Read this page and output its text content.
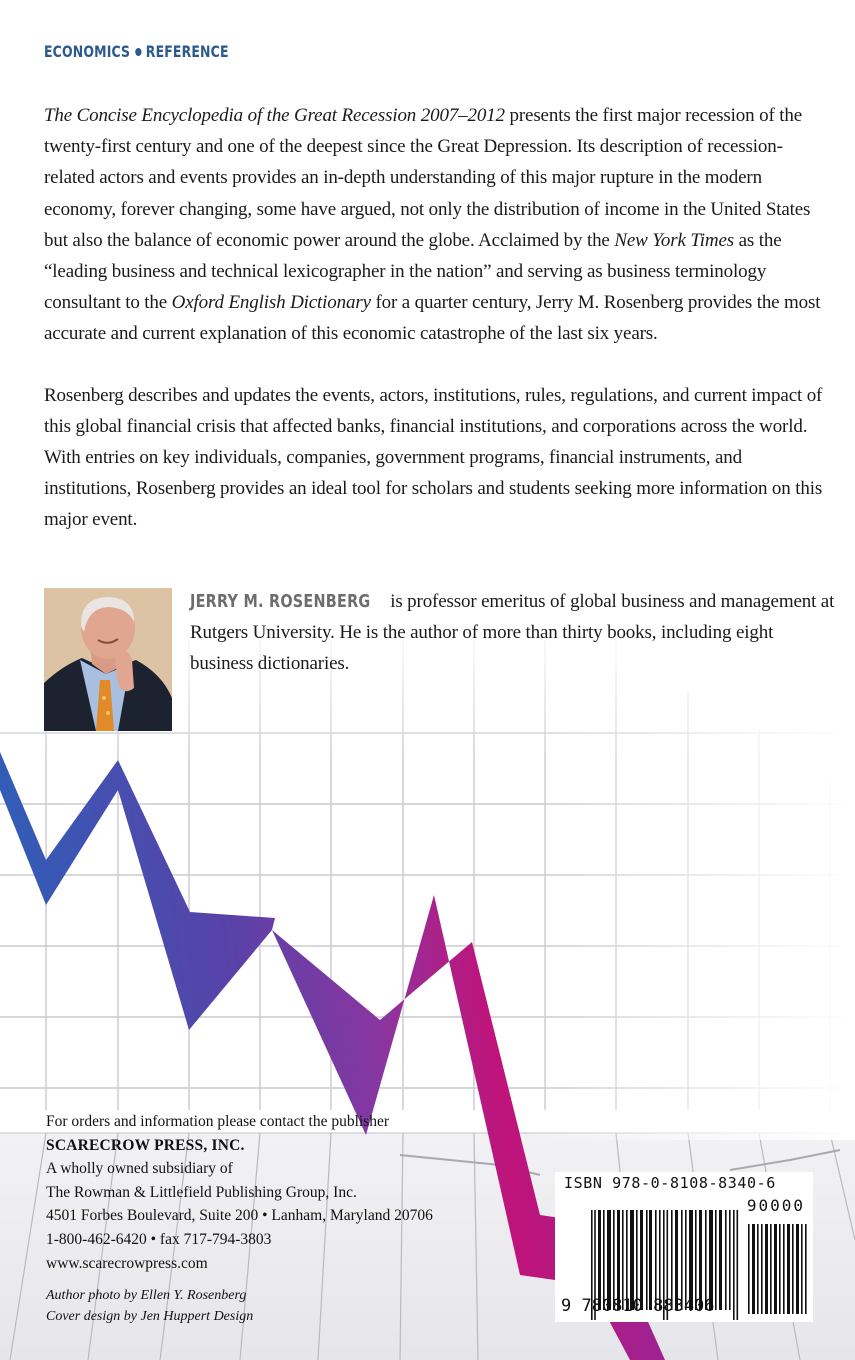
ECONOMICS REFERENCE

The Concise Encyclopedia of the Great Recession 2007–2012 presents the first major recession of the twenty-first century and one of the deepest since the Great Depression. Its description of recession-related actors and events provides an in-depth understanding of this major rupture in the modern economy, forever changing, some have argued, not only the distribution of income in the United States but also the balance of economic power around the globe. Acclaimed by the New York Times as the “leading business and technical lexicographer in the nation” and serving as business terminology consultant to the Oxford English Dictionary for a quarter century, Jerry M. Rosenberg provides the most accurate and current explanation of this economic catastrophe of the last six years.

Rosenberg describes and updates the events, actors, institutions, rules, regulations, and current impact of this global financial crisis that affected banks, financial institutions, and corporations across the world. With entries on key individuals, companies, government programs, financial instruments, and institutions, Rosenberg provides an ideal tool for scholars and students seeking more information on this major event.

JERRY M. ROSENBERG is professor emeritus of global business and management at Rutgers University. He is the author of more than thirty books, including eight business dictionaries.
For orders and information please contact the publisher
SCARECROW PRESS, INC.
A wholly owned subsidiary of
The Rowman & Littlefield Publishing Group, Inc.
4501 Forbes Boulevard, Suite 200 • Lanham, Maryland 20706
1-800-462-6420 • fax 717-794-3803
www.scarecrowpress.com
Author photo by Ellen Y. Rosenberg
Cover design by Jen Huppert Design
ISBN 978-0-8108-8340-6
90000
9 780810 883406
